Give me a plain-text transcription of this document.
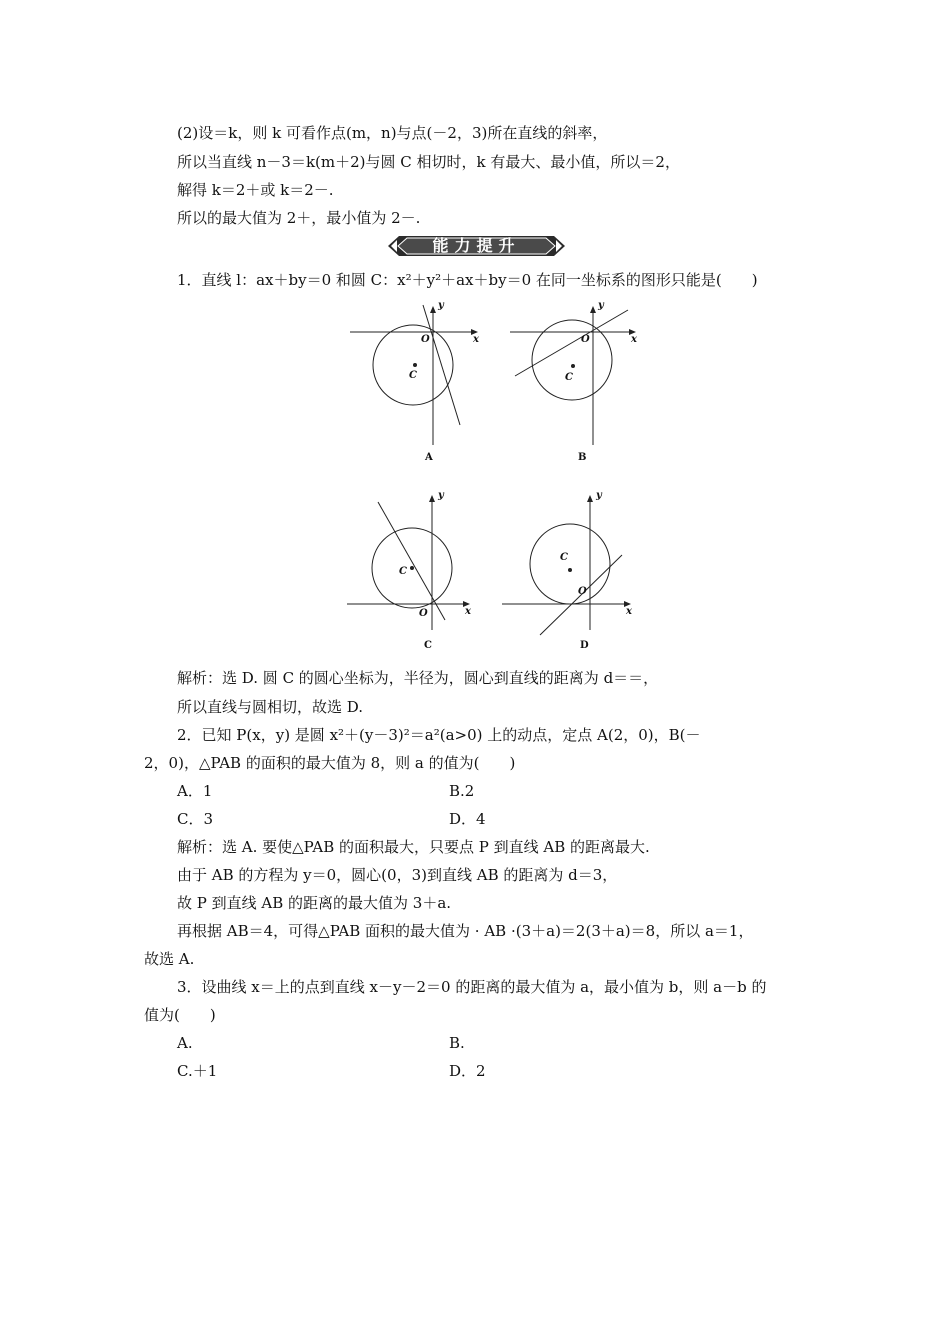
(2)设＝k，则 k 可看作点(m，n)与点(－2，3)所在直线的斜率，
所以当直线 n－3＝k(m＋2)与圆 C 相切时，k 有最大、最小值，所以＝2，
解得 k＝2＋或 k＝2－.
所以的最大值为 2＋，最小值为 2－.
能力提升
1．直线 l：ax＋by＝0 和圆 C：x²＋y²＋ax＋by＝0 在同一坐标系的图形只能是(　　)
x
y
O
C
A
x
y
O
C
B
x
y
O
C
C
x
y
O
C
D
解析：选 D. 圆 C 的圆心坐标为，半径为，圆心到直线的距离为 d＝＝，
所以直线与圆相切，故选 D.
2．已知 P(x，y) 是圆 x²＋(y－3)²＝a²(a>0) 上的动点，定点 A(2，0)，B(－
2，0)，△PAB 的面积的最大值为 8，则 a 的值为(　　)
A．1	B.2
C．3	D．4
解析：选 A. 要使△PAB 的面积最大，只要点 P 到直线 AB 的距离最大.
由于 AB 的方程为 y＝0，圆心(0，3)到直线 AB 的距离为 d＝3，
故 P 到直线 AB 的距离的最大值为 3＋a.
再根据 AB＝4，可得△PAB 面积的最大值为 · AB ·(3＋a)＝2(3＋a)＝8，所以 a＝1，
故选 A.
3．设曲线 x＝上的点到直线 x－y－2＝0 的距离的最大值为 a，最小值为 b，则 a－b 的
值为(　　)
A.	B.
C.＋1	D．2
